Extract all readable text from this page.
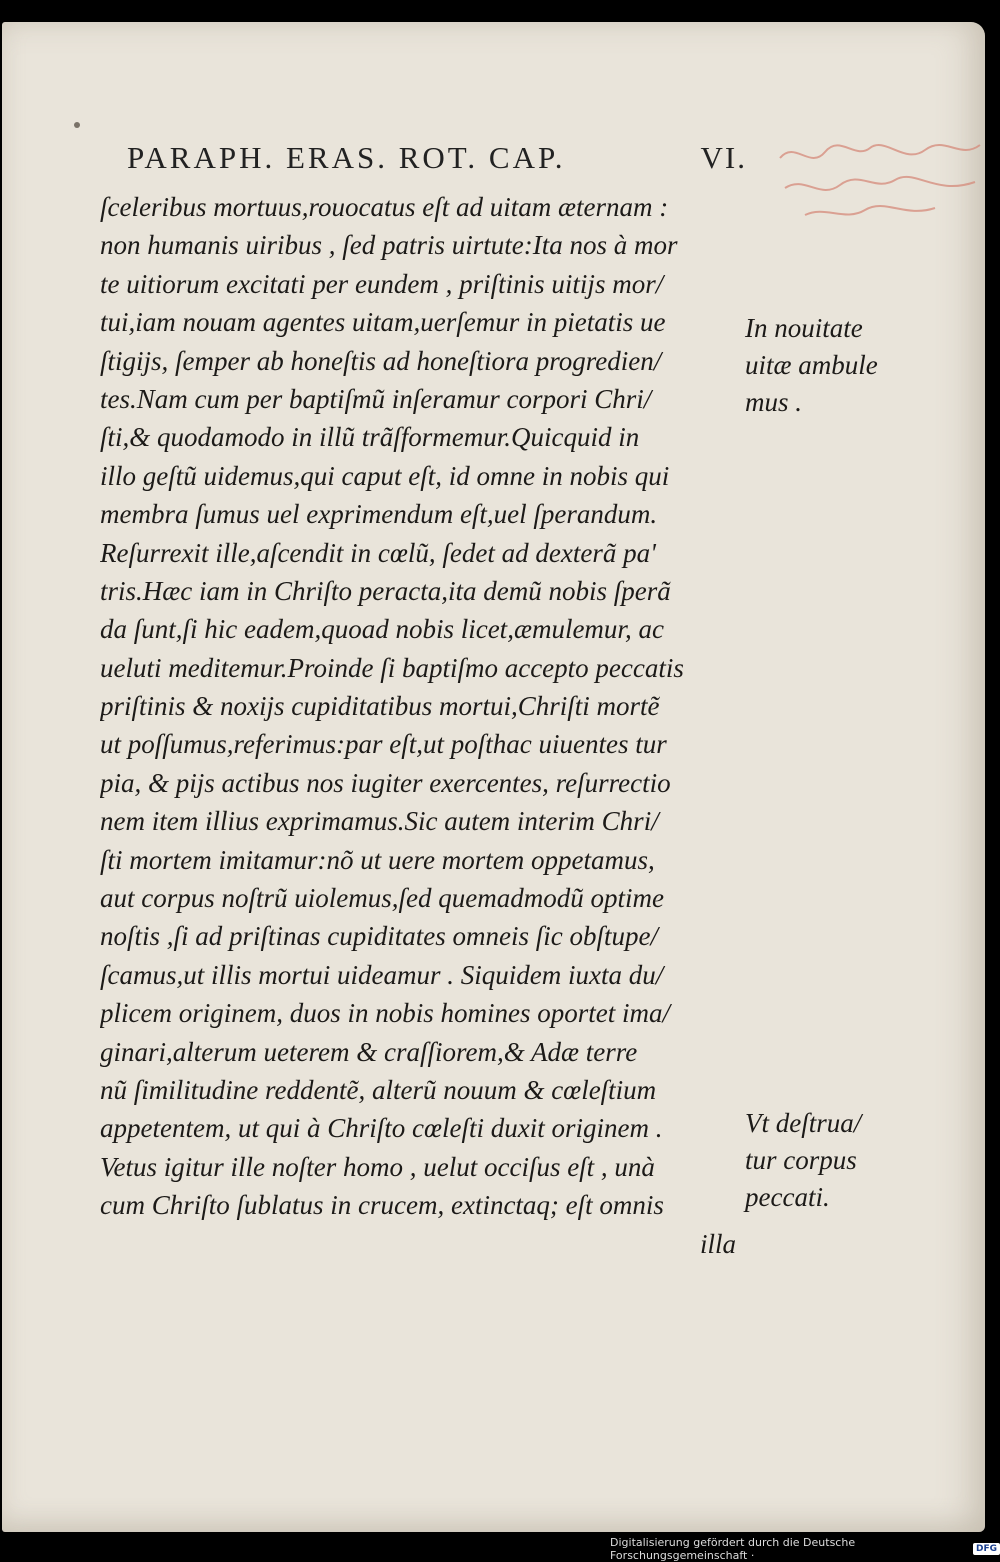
PARAPH. ERAS. ROT. CAP.	VI.
ſceleribus mortuus,rouocatus eſt ad uitam æternam :
non humanis uiribus , ſed patris uirtute:Ita nos à mor
te uitiorum excitati per eundem , priſtinis uitijs mor/
tui,iam nouam agentes uitam,uerſemur in pietatis ue
ſtigijs, ſemper ab honeſtis ad honeſtiora progredien/
tes.Nam cum per baptiſmũ inſeramur corpori Chri/
ſti,& quodamodo in illũ trãſformemur.Quicquid in
illo geſtũ uidemus,qui caput eſt, id omne in nobis qui
membra ſumus uel exprimendum eſt,uel ſperandum.
Reſurrexit ille,aſcendit in cœlũ, ſedet ad dexterã pa'
tris.Hæc iam in Chriſto peracta,ita demũ nobis ſperã
da ſunt,ſi hic eadem,quoad nobis licet,æmulemur, ac
ueluti meditemur.Proinde ſi baptiſmo accepto peccatis
priſtinis & noxijs cupiditatibus mortui,Chriſti mortẽ
ut poſſumus,referimus:par eſt,ut poſthac uiuentes tur
pia, & pijs actibus nos iugiter exercentes, reſurrectio
nem item illius exprimamus.Sic autem interim Chri/
ſti mortem imitamur:nõ ut uere mortem oppetamus,
aut corpus noſtrũ uiolemus,ſed quemadmodũ optime
noſtis ,ſi ad priſtinas cupiditates omneis ſic obſtupe/
ſcamus,ut illis mortui uideamur . Siquidem iuxta du/
plicem originem, duos in nobis homines oportet ima/
ginari,alterum ueterem & craſſiorem,& Adæ terre
nũ ſimilitudine reddentẽ, alterũ nouum & cœleſtium
appetentem, ut qui à Chriſto cœleſti duxit originem .
Vetus igitur ille noſter homo , uelut occiſus eſt , unà
cum Chriſto ſublatus in crucem, extinctaq; eſt omnis
illa
In nouitate
uitæ ambule
mus .
Vt deſtrua/
tur corpus
peccati.
Digitalisierung gefördert durch die Deutsche Forschungsgemeinschaft ·	DFG
